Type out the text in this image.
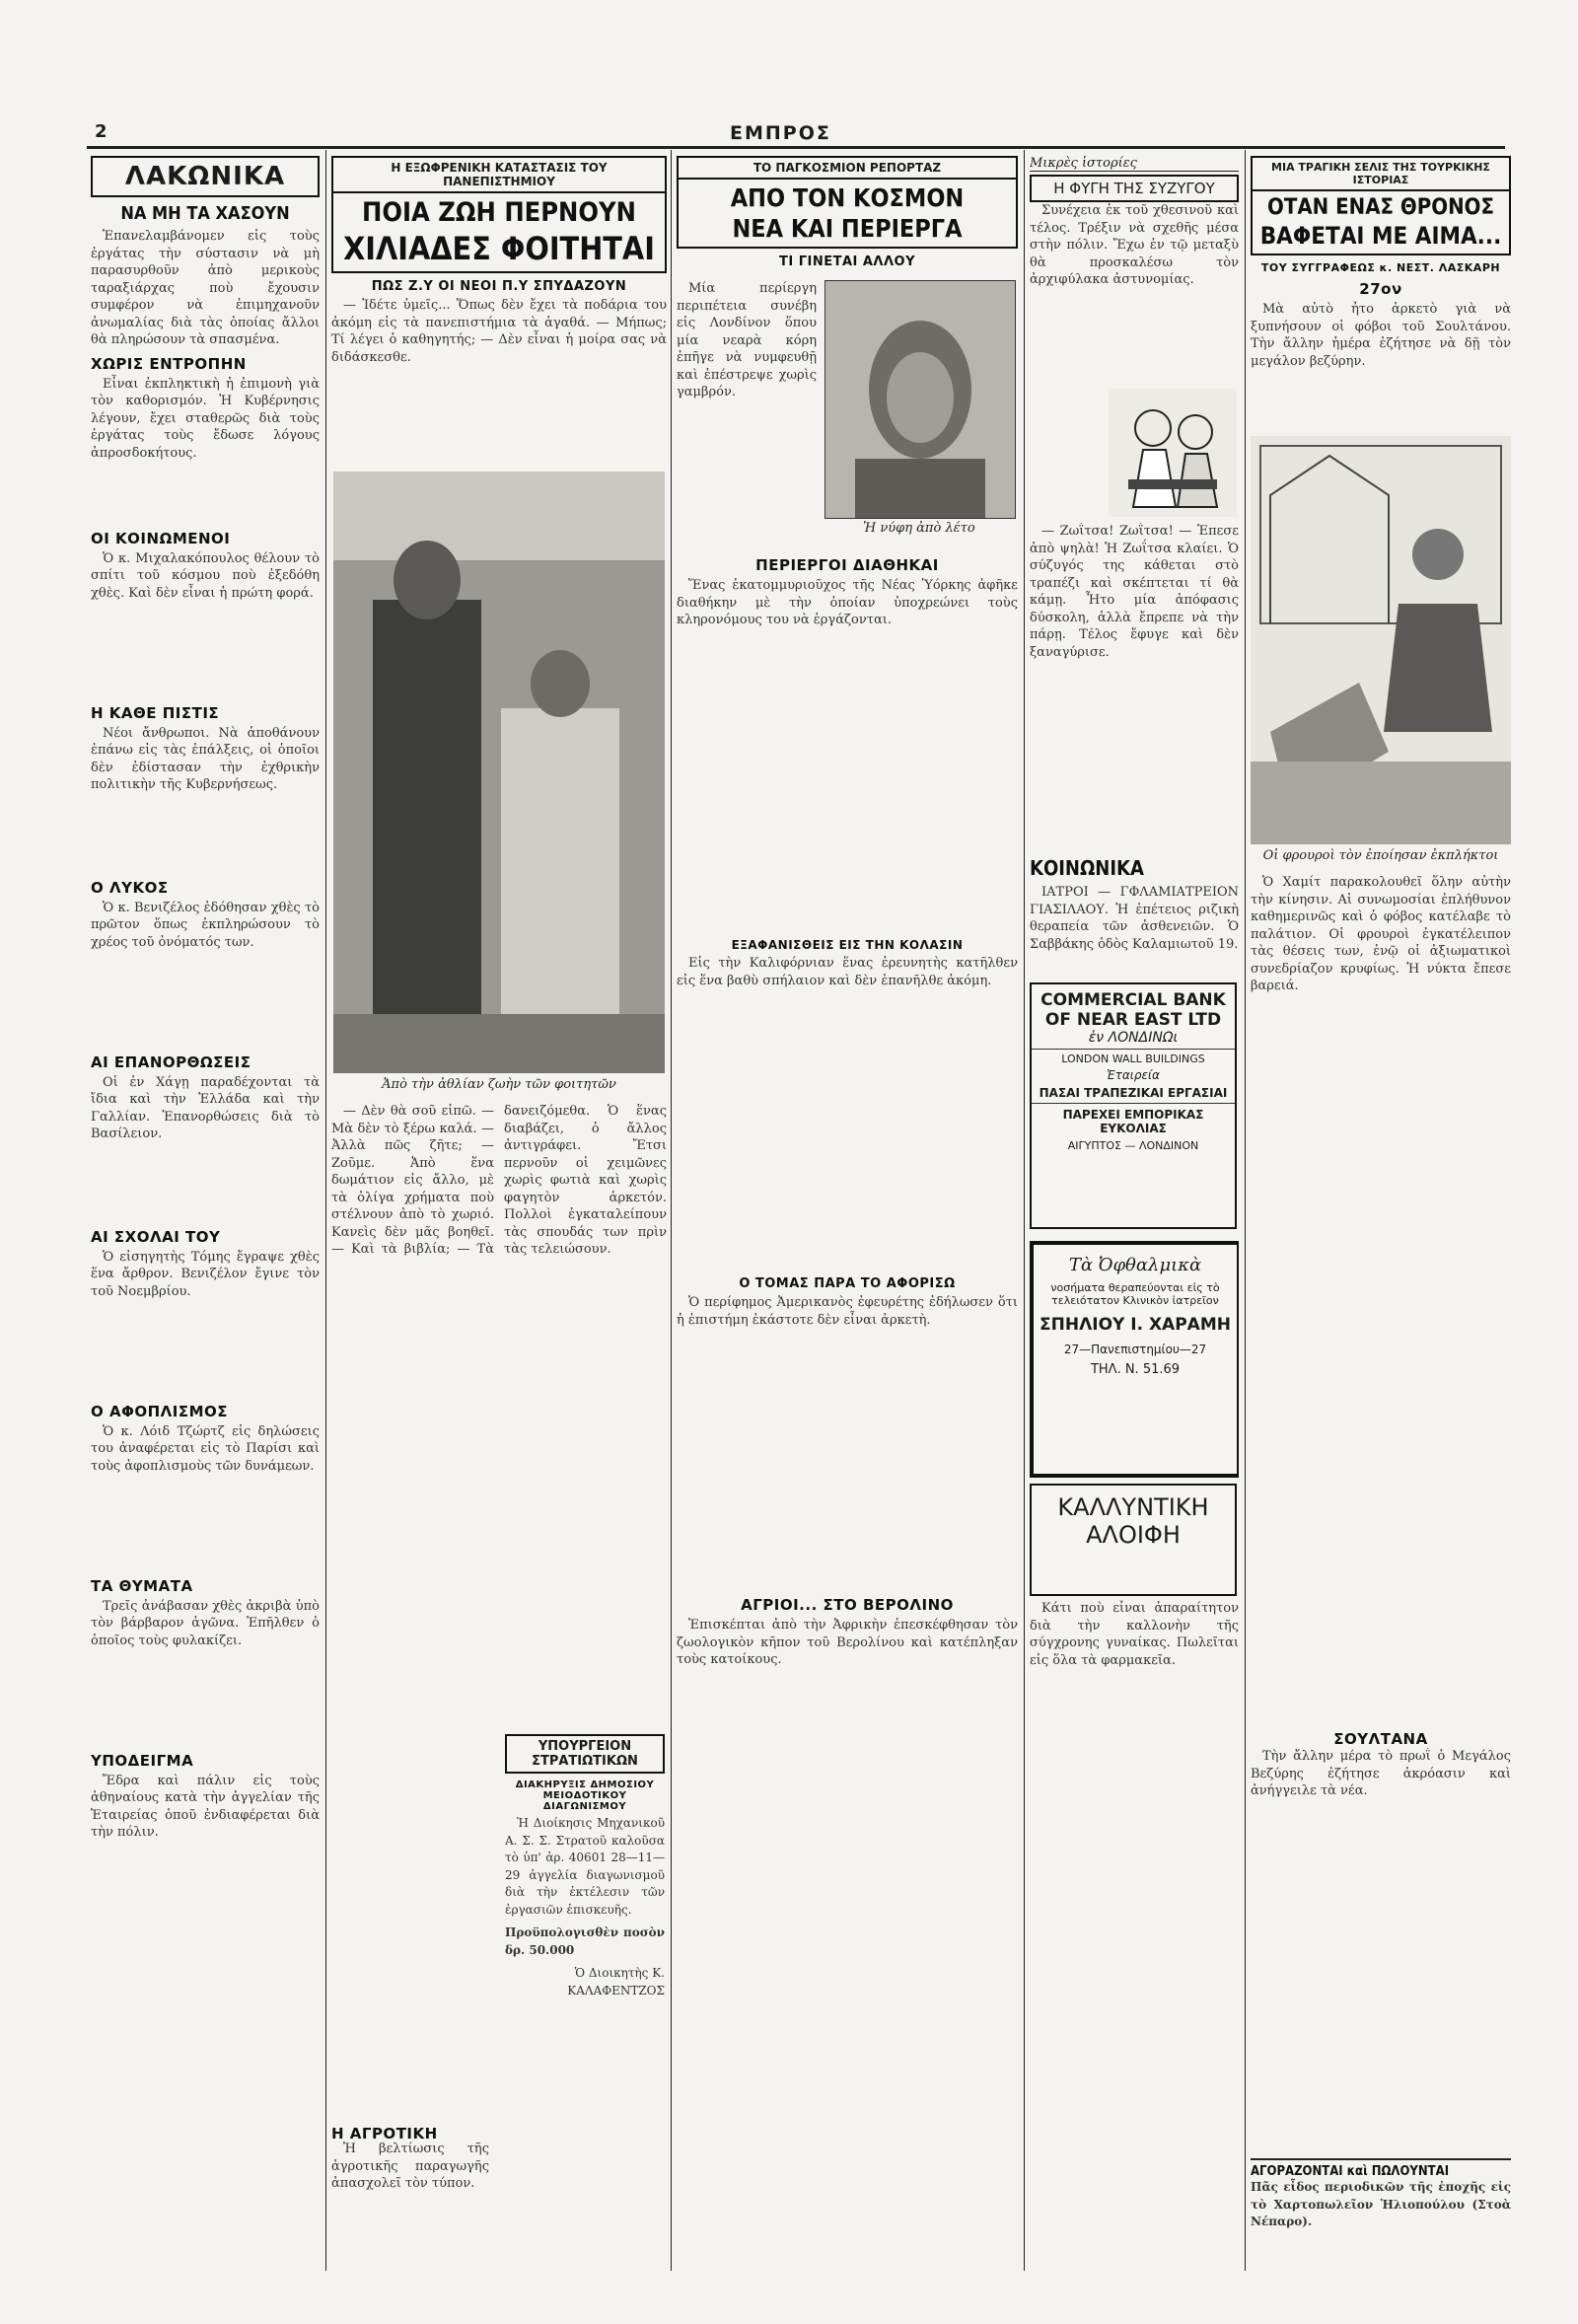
2	ΕΜΠΡΟΣ
ΛΑΚΩΝΙΚΑ
ΝΑ ΜΗ ΤΑ ΧΑΣΟΥΝ

Ἐπανελαμβάνομεν εἰς τοὺς ἐργάτας τὴν σύστασιν νὰ μὴ παρασυρθοῦν ἀπὸ μερικοὺς ταραξιάρχας ποὺ ἔχουσιν συμφέρον νὰ ἐπιμηχανοῦν ἀνωμαλίας διὰ τὰς ὁποίας ἄλλοι θὰ πληρώσουν τὰ σπασμένα.

ΧΩΡΙΣ ΕΝΤΡΟΠΗΝ

Εἶναι ἐκπληκτικὴ ἡ ἐπιμονὴ γιὰ τὸν καθορισμόν. Ἡ Κυβέρνησις λέγουν, ἔχει σταθερῶς διὰ τοὺς ἐργάτας τοὺς ἔδωσε λόγους ἀπροσδοκήτους.

ΟΙ ΚΟΙΝΩΜΕΝΟΙ

Ὁ κ. Μιχαλακόπουλος θέλουν τὸ σπίτι τοῦ κόσμου ποὺ ἐξεδόθη χθὲς. Καὶ δὲν εἶναι ἡ πρώτη φορά.

Η ΚΑΘΕ ΠΙΣΤΙΣ

Νέοι ἄνθρωποι. Νὰ ἀποθάνουν ἐπάνω εἰς τὰς ἐπάλξεις, οἱ ὁποῖοι δὲν ἐδίστασαν τὴν ἐχθρικὴν πολιτικὴν τῆς Κυβερνήσεως.

Ο ΛΥΚΟΣ

Ὁ κ. Βενιζέλος ἐδόθησαν χθὲς τὸ πρῶτον ὅπως ἐκπληρώσουν τὸ χρέος τοῦ ὀνόματός των.

ΑΙ ΕΠΑΝΟΡΘΩΣΕΙΣ

Οἱ ἐν Χάγῃ παραδέχονται τὰ ἴδια καὶ τὴν Ἑλλάδα καὶ τὴν Γαλλίαν. Ἐπανορθώσεις διὰ τὸ Βασίλειον.

ΑΙ ΣΧΟΛΑΙ ΤΟΥ

Ὁ εἰσηγητὴς Τόμης ἔγραψε χθὲς ἕνα ἄρθρον. Βενιζέλον ἔγινε τὸν τοῦ Νοεμβρίου.

Ο ΑΦΟΠΛΙΣΜΟΣ

Ὁ κ. Λόιδ Τζώρτζ εἰς δηλώσεις του ἀναφέρεται εἰς τὸ Παρίσι καὶ τοὺς ἀφοπλισμοὺς τῶν δυνάμεων.

ΤΑ ΘΥΜΑΤΑ

Τρεῖς ἀνάβασαν χθὲς ἀκριβὰ ὑπὸ τὸν βάρβαρον ἀγῶνα. Ἐπῆλθεν ὁ ὁποῖος τοὺς φυλακίζει.

ΥΠΟΔΕΙΓΜΑ

Ἔδρα καὶ πάλιν εἰς τοὺς ἀθηναίους κατὰ τὴν ἀγγελίαν τῆς Ἑταιρείας ὁποῦ ἐνδιαφέρεται διὰ τὴν πόλιν.

Η ΕΞΩΦΡΕΝΙΚΗ ΚΑΤΑΣΤΑΣΙΣ ΤΟΥ ΠΑΝΕΠΙΣΤΗΜΙΟΥ
ΠΟΙΑ ΖΩΗ ΠΕΡΝΟΥΝ
ΧΙΛΙΑΔΕΣ ΦΟΙΤΗΤΑΙ
ΠΩΣ Ζ.Υ ΟΙ ΝΕΟΙ Π.Υ ΣΠΥΔΑΖΟΥΝ

— Ἰδέτε ὑμεῖς... Ὅπως δὲν ἔχει τὰ ποδάρια του ἀκόμη εἰς τὰ πανεπιστήμια τὰ ἀγαθά. — Μήπως; Τί λέγει ὁ καθηγητής; — Δὲν εἶναι ἡ μοίρα σας νὰ διδάσκεσθε.

Ἀπὸ τὴν ἀθλίαν ζωὴν τῶν φοιτητῶν

— Δὲν θὰ σοῦ εἰπῶ. — Μὰ δὲν τὸ ξέρω καλά. — Ἀλλὰ πῶς ζῆτε; — Ζοῦμε. Ἀπὸ ἕνα δωμάτιον εἰς ἄλλο, μὲ τὰ ὀλίγα χρήματα ποὺ στέλνουν ἀπὸ τὸ χωριό. Κανεὶς δὲν μᾶς βοηθεῖ. — Καὶ τὰ βιβλία; — Τὰ δανειζόμεθα. Ὁ ἕνας διαβάζει, ὁ ἄλλος ἀντιγράφει. Ἔτσι περνοῦν οἱ χειμῶνες χωρὶς φωτιὰ καὶ χωρὶς φαγητὸν ἀρκετόν. Πολλοὶ ἐγκαταλείπουν τὰς σπουδάς των πρὶν τὰς τελειώσουν.

ΥΠΟΥΡΓΕΙΟΝ ΣΤΡΑΤΙΩΤΙΚΩΝ
ΔΙΑΚΗΡΥΞΙΣ ΔΗΜΟΣΙΟΥ ΜΕΙΟΔΟΤΙΚΟΥ ΔΙΑΓΩΝΙΣΜΟΥ

Ἡ Διοίκησις Μηχανικοῦ Α. Σ. Σ. Στρατοῦ καλοῦσα τὸ ὑπ' ἀρ. 40601 28—11—29 ἀγγελία διαγωνισμοῦ διὰ τὴν ἐκτέλεσιν τῶν ἐργασιῶν ἐπισκευῆς.

Προϋπολογισθὲν ποσὸν δρ. 50.000
Ὁ Διοικητὴς Κ. ΚΑΛΑΦΕΝΤΖΟΣ
Η ΑΓΡΟΤΙΚΗ

Ἡ βελτίωσις τῆς ἀγροτικῆς παραγωγῆς ἀπασχολεῖ τὸν τύπον.

ΤΟ ΠΑΓΚΟΣΜΙΟΝ ΡΕΠΟΡΤΑΖ
ΑΠΟ ΤΟΝ ΚΟΣΜΟΝ
ΝΕΑ ΚΑΙ ΠΕΡΙΕΡΓΑ
ΤΙ ΓΙΝΕΤΑΙ ΑΛΛΟΥ
Ἡ νύφη ἀπὸ λέτο

Μία περίεργη περιπέτεια συνέβη εἰς Λονδίνον ὅπου μία νεαρὰ κόρη ἐπῆγε νὰ νυμφευθῇ καὶ ἐπέστρεψε χωρὶς γαμβρόν.

ΠΕΡΙΕΡΓΟΙ ΔΙΑΘΗΚΑΙ

Ἕνας ἑκατομμυριοῦχος τῆς Νέας Ὑόρκης ἀφῆκε διαθήκην μὲ τὴν ὁποίαν ὑποχρεώνει τοὺς κληρονόμους του νὰ ἐργάζονται.

ΕΞΑΦΑΝΙΣΘΕΙΣ ΕΙΣ ΤΗΝ ΚΟΛΑΣΙΝ

Εἰς τὴν Καλιφόρνιαν ἕνας ἐρευνητὴς κατῆλθεν εἰς ἕνα βαθὺ σπήλαιον καὶ δὲν ἐπανῆλθε ἀκόμη.

Ο ΤΟΜΑΣ ΠΑΡΑ ΤΟ ΑΦΟΡΙΣΩ

Ὁ περίφημος Ἀμερικανὸς ἐφευρέτης ἐδήλωσεν ὅτι ἡ ἐπιστήμη ἐκάστοτε δὲν εἶναι ἀρκετὴ.

ΑΓΡΙΟΙ... ΣΤΟ ΒΕΡΟΛΙΝΟ

Ἐπισκέπται ἀπὸ τὴν Ἀφρικὴν ἐπεσκέφθησαν τὸν ζωολογικὸν κῆπον τοῦ Βερολίνου καὶ κατέπληξαν τοὺς κατοίκους.

Μικρὲς ἱστορίες
Η ΦΥΓΗ ΤΗΣ ΣΥΖΥΓΟΥ

Συνέχεια ἐκ τοῦ χθεσινοῦ καὶ τέλος. Τρέξιν νὰ σχεθῆς μέσα στὴν πόλιν. Ἔχω ἐν τῷ μεταξὺ θὰ προσκαλέσω τὸν ἀρχιφύλακα ἀστυνομίας.

— Ζωΐτσα! Ζωΐτσα! — Ἐπεσε ἀπὸ ψηλὰ! Ἡ Ζωΐτσα κλαίει. Ὁ σύζυγός της κάθεται στὸ τραπέζι καὶ σκέπτεται τί θὰ κάμῃ. Ἦτο μία ἀπόφασις δύσκολη, ἀλλὰ ἔπρεπε νὰ τὴν πάρῃ. Τέλος ἔφυγε καὶ δὲν ξαναγύρισε.

ΚΟΙΝΩΝΙΚΑ

ΙΑΤΡΟΙ — ΓΦΛΑΜΙΑΤΡΕΙΟΝ ΓΙΑΣΙΛΑΟΥ. Ἡ ἐπέτειος ριζικὴ θεραπεία τῶν ἀσθενειῶν. Ὁ Σαββάκης ὁδὸς Καλαμιωτοῦ 19.

COMMERCIAL BANK
OF NEAR EAST LTD
ἐν ΛΟΝΔΙΝΩι
LONDON WALL BUILDINGS
Ἑταιρεία
ΠΑΣΑΙ ΤΡΑΠΕΖΙΚΑΙ ΕΡΓΑΣΙΑΙ
ΠΑΡΕΧΕΙ ΕΜΠΟΡΙΚΑΣ ΕΥΚΟΛΙΑΣ
ΑΙΓΥΠΤΟΣ — ΛΟΝΔΙΝΟΝ
Τὰ Ὀφθαλμικὰ
νοσήματα θεραπεύονται εἰς τὸ τελειότατον Κλινικὸν ἰατρεῖον
ΣΠΗΛΙΟΥ Ι. ΧΑΡΑΜΗ
27—Πανεπιστημίου—27
ΤΗΛ. Ν. 51.69
ΚΑΛΛΥΝΤΙΚΗ
ΑΛΟΙΦΗ

Κάτι ποὺ εἶναι ἀπαραίτητον διὰ τὴν καλλονὴν τῆς σύγχρονης γυναίκας. Πωλεῖται εἰς ὅλα τὰ φαρμακεῖα.

ΜΙΑ ΤΡΑΓΙΚΗ ΣΕΛΙΣ ΤΗΣ ΤΟΥΡΚΙΚΗΣ ΙΣΤΟΡΙΑΣ
ΟΤΑΝ ΕΝΑΣ ΘΡΟΝΟΣ
ΒΑΦΕΤΑΙ ΜΕ ΑΙΜΑ...
ΤΟΥ ΣΥΓΓΡΑΦΕΩΣ κ. ΝΕΣΤ. ΛΑΣΚΑΡΗ
27ον

Μὰ αὐτὸ ἦτο ἀρκετὸ γιὰ νὰ ξυπνήσουν οἱ φόβοι τοῦ Σουλτάνου. Τὴν ἄλλην ἡμέρα ἐζήτησε νὰ δῇ τὸν μεγάλον βεζύρην.

Οἱ φρουροὶ τὸν ἐποίησαν ἐκπλήκτοι

Ὁ Χαμίτ παρακολουθεῖ ὅλην αὐτὴν τὴν κίνησιν. Αἱ συνωμοσίαι ἐπλήθυνον καθημερινῶς καὶ ὁ φόβος κατέλαβε τὸ παλάτιον. Οἱ φρουροὶ ἐγκατέλειπον τὰς θέσεις των, ἐνῷ οἱ ἀξιωματικοὶ συνεδρίαζον κρυφίως. Ἡ νύκτα ἔπεσε βαρειά.

ΣΟΥΛΤΑΝΑ

Τὴν ἄλλην μέρα τὸ πρωΐ ὁ Μεγάλος Βεζύρης ἐζήτησε ἀκρόασιν καὶ ἀνήγγειλε τὰ νέα.

ΑΓΟΡΑΖΟΝΤΑΙ καὶ ΠΩΛΟΥΝΤΑΙ
Πᾶς εἶδος περιοδικῶν τῆς ἐποχῆς εἰς τὸ Χαρτοπωλεῖον Ἡλιοπούλου (Στοὰ Νέπαρο).
